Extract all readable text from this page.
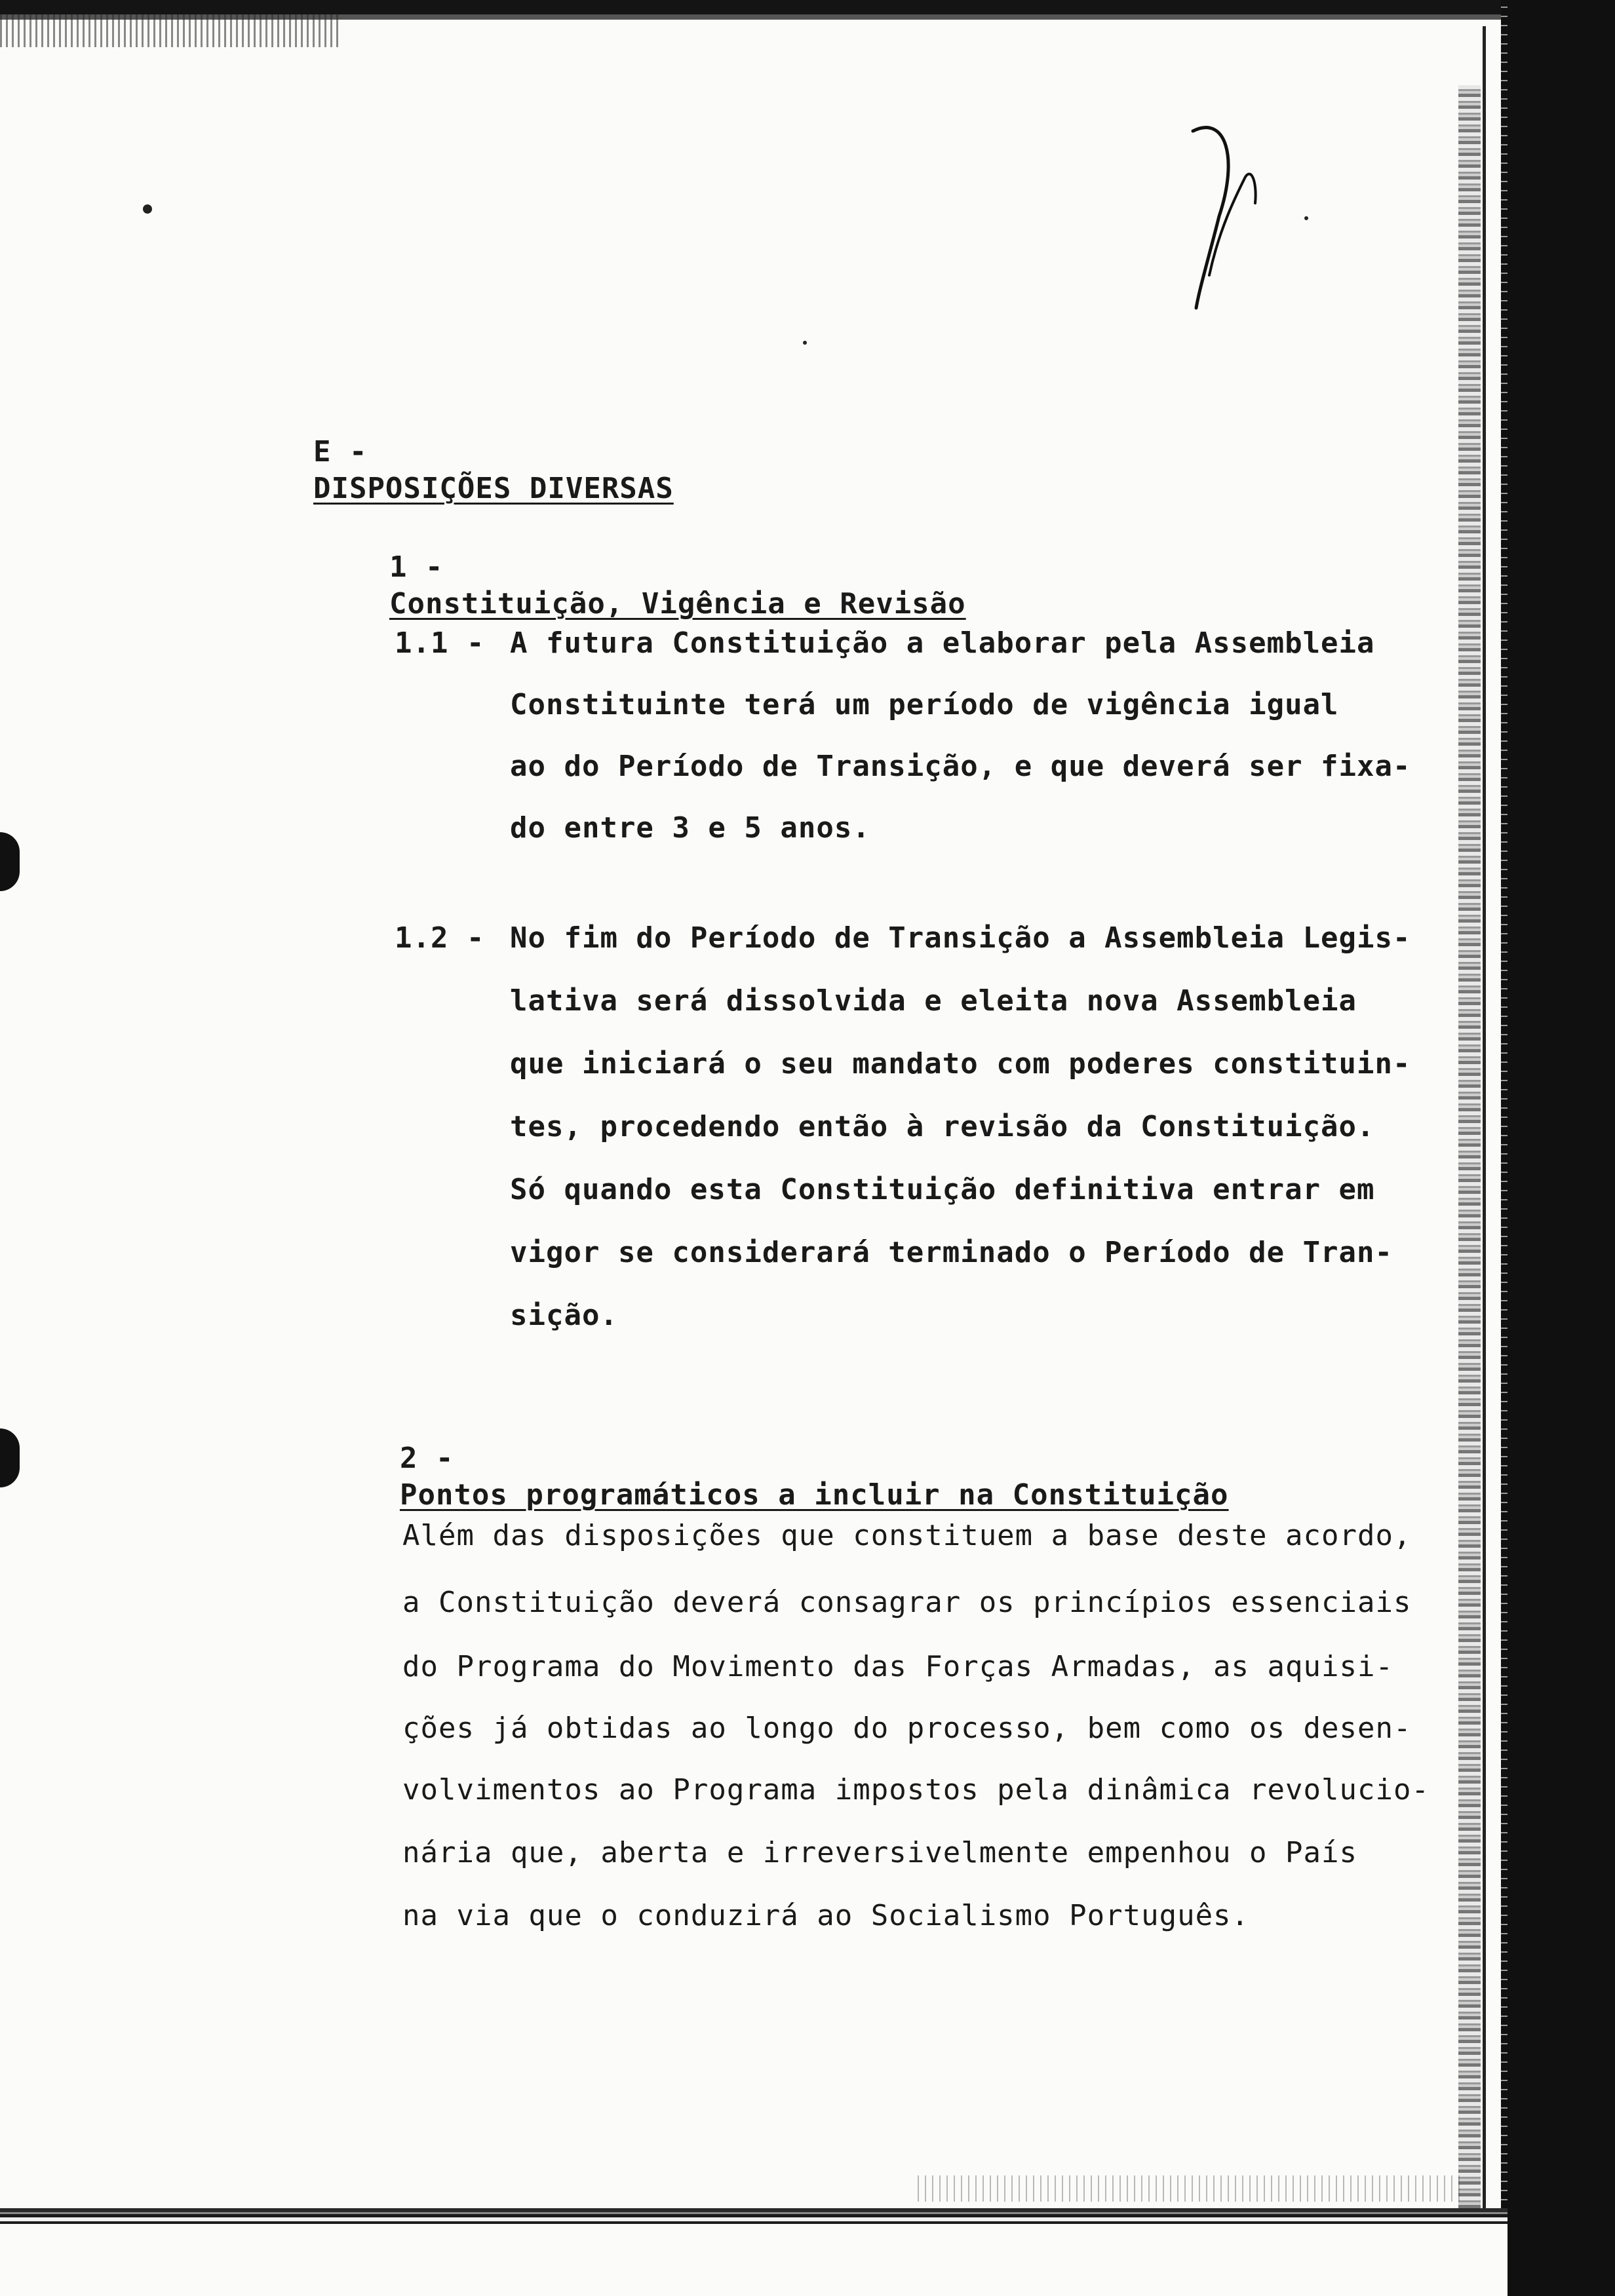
E -
DISPOSIÇÕES DIVERSAS

1 -
Constituição, Vigência e Revisão

1.1 - A futura Constituição a elaborar pela Assembleia
Constituinte terá um período de vigência igual
ao do Período de Transição, e que deverá ser fixa-
do entre 3 e 5 anos.
1.2 - No fim do Período de Transição a Assembleia Legis-
lativa será dissolvida e eleita nova Assembleia
que iniciará o seu mandato com poderes constituin-
tes, procedendo então à revisão da Constituição.
Só quando esta Constituição definitiva entrar em
vigor se considerará terminado o Período de Tran-
sição.

2 -
Pontos programáticos a incluir na Constituição

Além das disposições que constituem a base deste acordo,
a Constituição deverá consagrar os princípios essenciais
do Programa do Movimento das Forças Armadas, as aquisi-
ções já obtidas ao longo do processo, bem como os desen-
volvimentos ao Programa impostos pela dinâmica revolucio-
nária que, aberta e irreversivelmente empenhou o País
na via que o conduzirá ao Socialismo Português.
